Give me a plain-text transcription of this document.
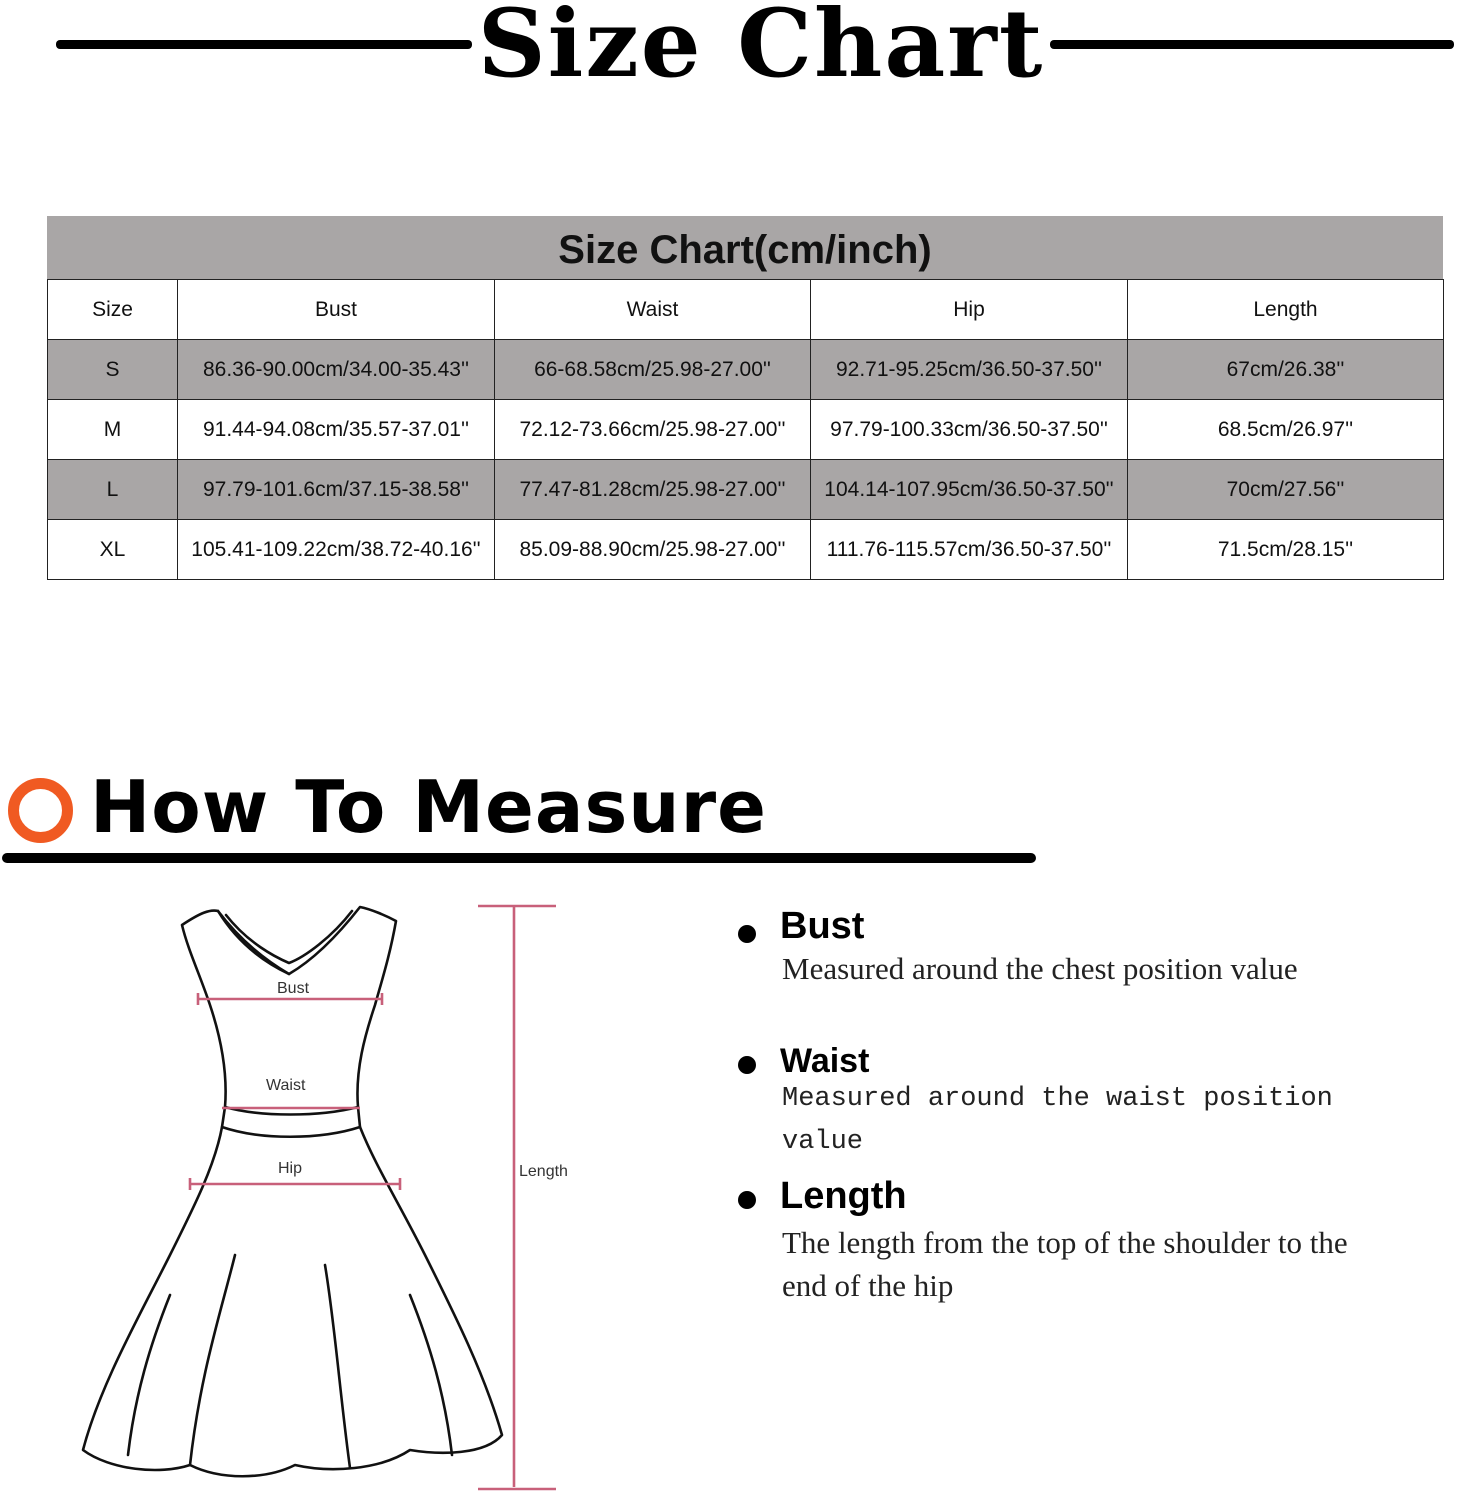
Size Chart
Size Chart(cm/inch)
Size	Bust	Waist	Hip	Length
S	86.36-90.00cm/34.00-35.43''	66-68.58cm/25.98-27.00''	92.71-95.25cm/36.50-37.50''	67cm/26.38''
M	91.44-94.08cm/35.57-37.01''	72.12-73.66cm/25.98-27.00''	97.79-100.33cm/36.50-37.50''	68.5cm/26.97''
L	97.79-101.6cm/37.15-38.58''	77.47-81.28cm/25.98-27.00''	104.14-107.95cm/36.50-37.50''	70cm/27.56''
XL	105.41-109.22cm/38.72-40.16''	85.09-88.90cm/25.98-27.00''	111.76-115.57cm/36.50-37.50''	71.5cm/28.15''
How To Measure
Bust
Waist
Hip	Length
Bust
Measured around the chest position value
Waist
Measured around the waist position value
Length
The length from the top of the shoulder to the end of the hip
